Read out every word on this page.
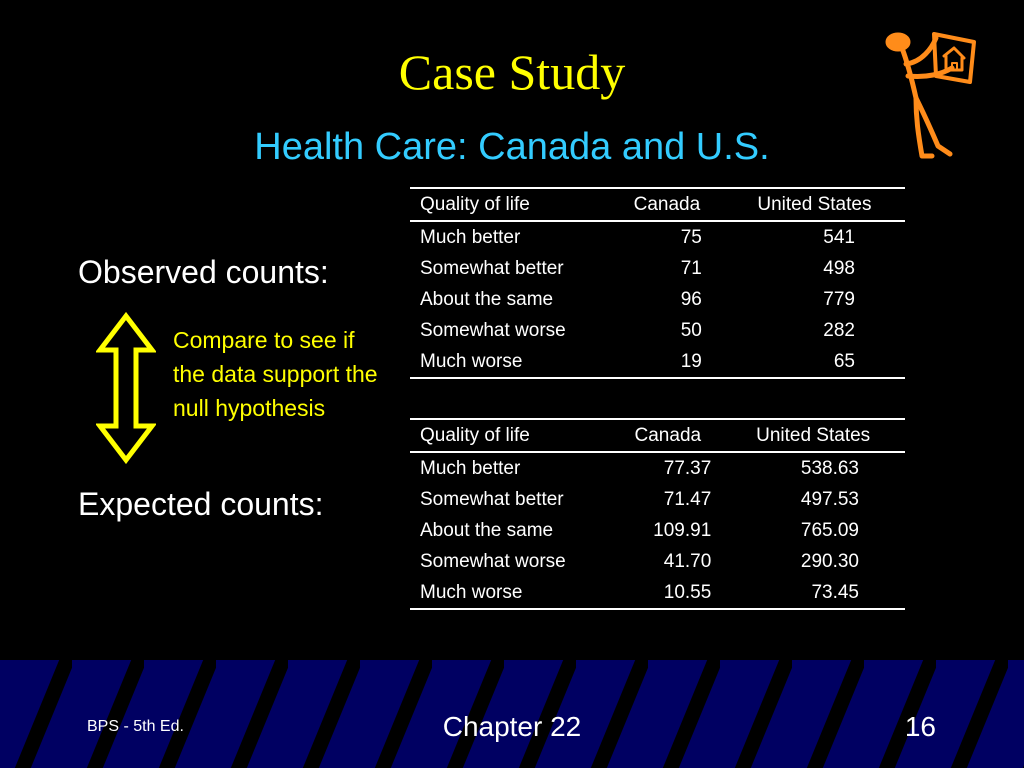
Case Study
Health Care: Canada and U.S.
Observed counts:
Compare to see if the data support the null hypothesis
Expected counts:
Quality of life	Canada	United States
Much better	75	541
Somewhat better	71	498
About the same	96	779
Somewhat worse	50	282
Much worse	19	65
Quality of life	Canada	United States
Much better	77.37	538.63
Somewhat better	71.47	497.53
About the same	109.91	765.09
Somewhat worse	41.70	290.30
Much worse	10.55	73.45
BPS - 5th Ed.	Chapter 22	16
